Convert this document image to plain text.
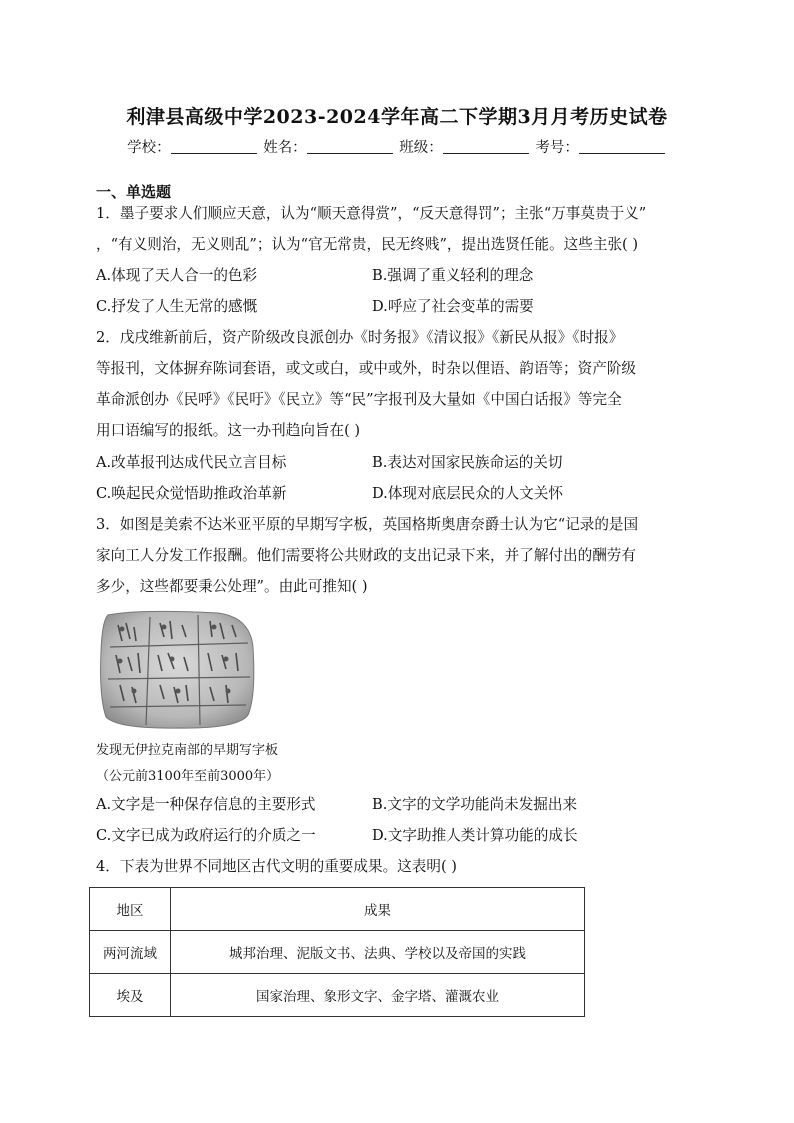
利津县高级中学2023-2024学年高二下学期3月月考历史试卷
学校：	姓名：	班级：	考号：
一、单选题

1．墨子要求人们顺应天意，认为“顺天意得赏”，“反天意得罚”；主张“万事莫贵于义”

，“有义则治，无义则乱”；认为“官无常贵，民无终贱”，提出选贤任能。这些主张( )

A.体现了天人合一的色彩	B.强调了重义轻利的理念
C.抒发了人生无常的感慨	D.呼应了社会变革的需要

2．戊戌维新前后，资产阶级改良派创办《时务报》《清议报》《新民从报》《时报》

等报刊，文体摒弃陈词套语，或文或白，或中或外，时杂以俚语、韵语等；资产阶级

革命派创办《民呼》《民吁》《民立》等“民”字报刊及大量如《中国白话报》等完全

用口语编写的报纸。这一办刊趋向旨在( )

A.改革报刊达成代民立言目标	B.表达对国家民族命运的关切
C.唤起民众觉悟助推政治革新	D.体现对底层民众的人文关怀

3．如图是美索不达米亚平原的早期写字板，英国格斯奥唐奈爵士认为它“记录的是国

家向工人分发工作报酬。他们需要将公共财政的支出记录下来，并了解付出的酬劳有

多少，这些都要秉公处理”。由此可推知( )

发现无伊拉克南部的早期写字板
（公元前3100年至前3000年）
A.文字是一种保存信息的主要形式	B.文字的文学功能尚未发掘出来
C.文字已成为政府运行的介质之一	D.文字助推人类计算功能的成长

4．下表为世界不同地区古代文明的重要成果。这表明( )

地区	成果
两河流域	城邦治理、泥版文书、法典、学校以及帝国的实践
埃及	国家治理、象形文字、金字塔、灌溉农业
